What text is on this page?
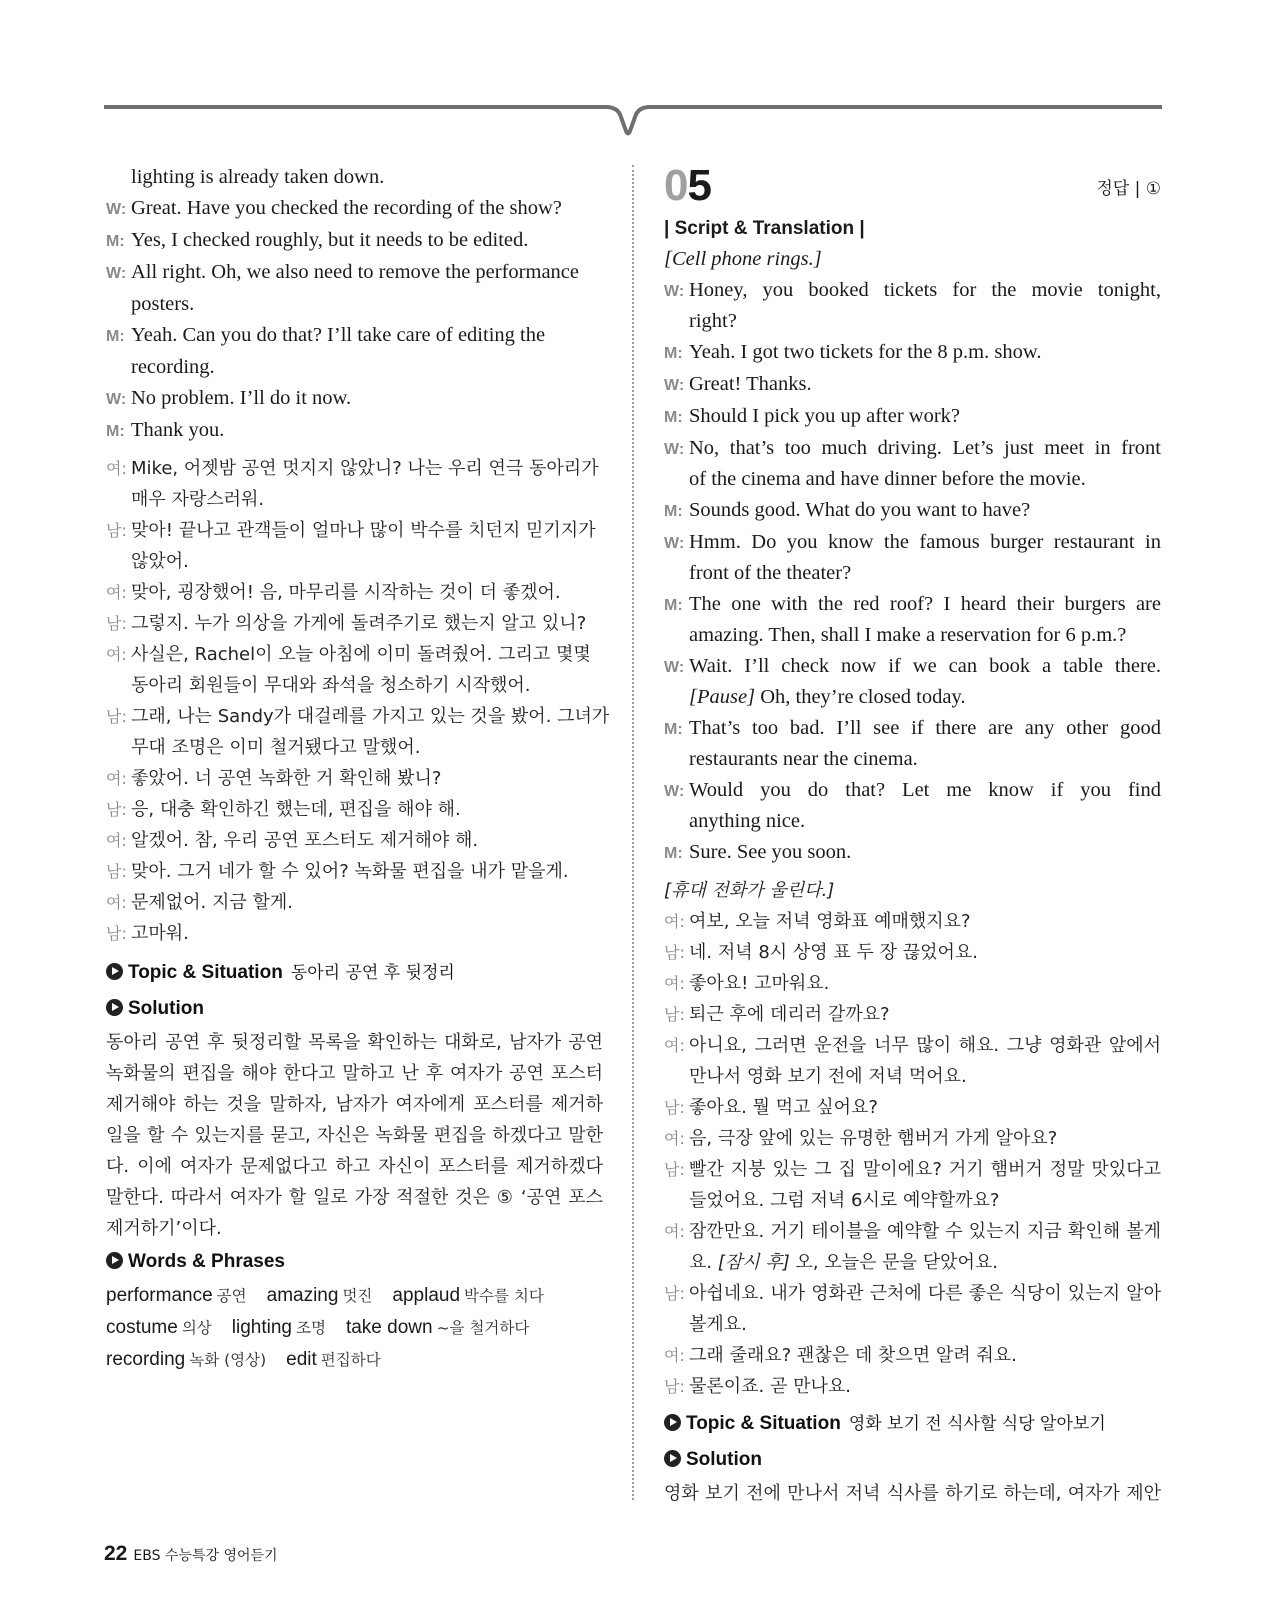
lighting is already taken down.
W: Great. Have you checked the recording of the show?
M: Yes, I checked roughly, but it needs to be edited.
W: All right. Oh, we also need to remove the performance
posters.
M: Yeah. Can you do that? I’ll take care of editing the
recording.
W: No problem. I’ll do it now.
M: Thank you.
여: Mike, 어젯밤 공연 멋지지 않았니? 나는 우리 연극 동아리가
매우 자랑스러워.
남: 맞아! 끝나고 관객들이 얼마나 많이 박수를 치던지 믿기지가
않았어.
여: 맞아, 굉장했어! 음, 마무리를 시작하는 것이 더 좋겠어.
남: 그렇지. 누가 의상을 가게에 돌려주기로 했는지 알고 있니?
여: 사실은, Rachel이 오늘 아침에 이미 돌려줬어. 그리고 몇몇
동아리 회원들이 무대와 좌석을 청소하기 시작했어.
남: 그래, 나는 Sandy가 대걸레를 가지고 있는 것을 봤어. 그녀가
무대 조명은 이미 철거됐다고 말했어.
여: 좋았어. 너 공연 녹화한 거 확인해 봤니?
남: 응, 대충 확인하긴 했는데, 편집을 해야 해.
여: 알겠어. 참, 우리 공연 포스터도 제거해야 해.
남: 맞아. 그거 네가 할 수 있어? 녹화물 편집을 내가 맡을게.
여: 문제없어. 지금 할게.
남: 고마워.
Topic & Situation 동아리 공연 후 뒷정리
Solution
동아리 공연 후 뒷정리할 목록을 확인하는 대화로, 남자가 공연
녹화물의 편집을 해야 한다고 말하고 난 후 여자가 공연 포스터
제거해야 하는 것을 말하자, 남자가 여자에게 포스터를 제거하
일을 할 수 있는지를 묻고, 자신은 녹화물 편집을 하겠다고 말한
다. 이에 여자가 문제없다고 하고 자신이 포스터를 제거하겠다
말한다. 따라서 여자가 할 일로 가장 적절한 것은 ⑤ ‘공연 포스
제거하기’이다.
Words & Phrases
performance 공연 amazing 멋진 applaud 박수를 치다
costume 의상 lighting 조명 take down ~을 철거하다
recording 녹화 (영상) edit 편집하다
05	정답 | ①
| Script & Translation |
[Cell phone rings.]
W: Honey, you booked tickets for the movie tonight,
right?
M: Yeah. I got two tickets for the 8 p.m. show.
W: Great! Thanks.
M: Should I pick you up after work?
W: No, that’s too much driving. Let’s just meet in front
of the cinema and have dinner before the movie.
M: Sounds good. What do you want to have?
W: Hmm. Do you know the famous burger restaurant in
front of the theater?
M: The one with the red roof? I heard their burgers are
amazing. Then, shall I make a reservation for 6 p.m.?
W: Wait. I’ll check now if we can book a table there.
[Pause] Oh, they’re closed today.
M: That’s too bad. I’ll see if there are any other good
restaurants near the cinema.
W: Would you do that? Let me know if you find
anything nice.
M: Sure. See you soon.
[휴대 전화가 울린다.]
여: 여보, 오늘 저녁 영화표 예매했지요?
남: 네. 저녁 8시 상영 표 두 장 끊었어요.
여: 좋아요! 고마워요.
남: 퇴근 후에 데리러 갈까요?
여: 아니요, 그러면 운전을 너무 많이 해요. 그냥 영화관 앞에서
만나서 영화 보기 전에 저녁 먹어요.
남: 좋아요. 뭘 먹고 싶어요?
여: 음, 극장 앞에 있는 유명한 햄버거 가게 알아요?
남: 빨간 지붕 있는 그 집 말이에요? 거기 햄버거 정말 맛있다고
들었어요. 그럼 저녁 6시로 예약할까요?
여: 잠깐만요. 거기 테이블을 예약할 수 있는지 지금 확인해 볼게
요. [잠시 후] 오, 오늘은 문을 닫았어요.
남: 아쉽네요. 내가 영화관 근처에 다른 좋은 식당이 있는지 알아
볼게요.
여: 그래 줄래요? 괜찮은 데 찾으면 알려 줘요.
남: 물론이죠. 곧 만나요.
Topic & Situation 영화 보기 전 식사할 식당 알아보기
Solution
영화 보기 전에 만나서 저녁 식사를 하기로 하는데, 여자가 제안
22 EBS 수능특강 영어듣기
